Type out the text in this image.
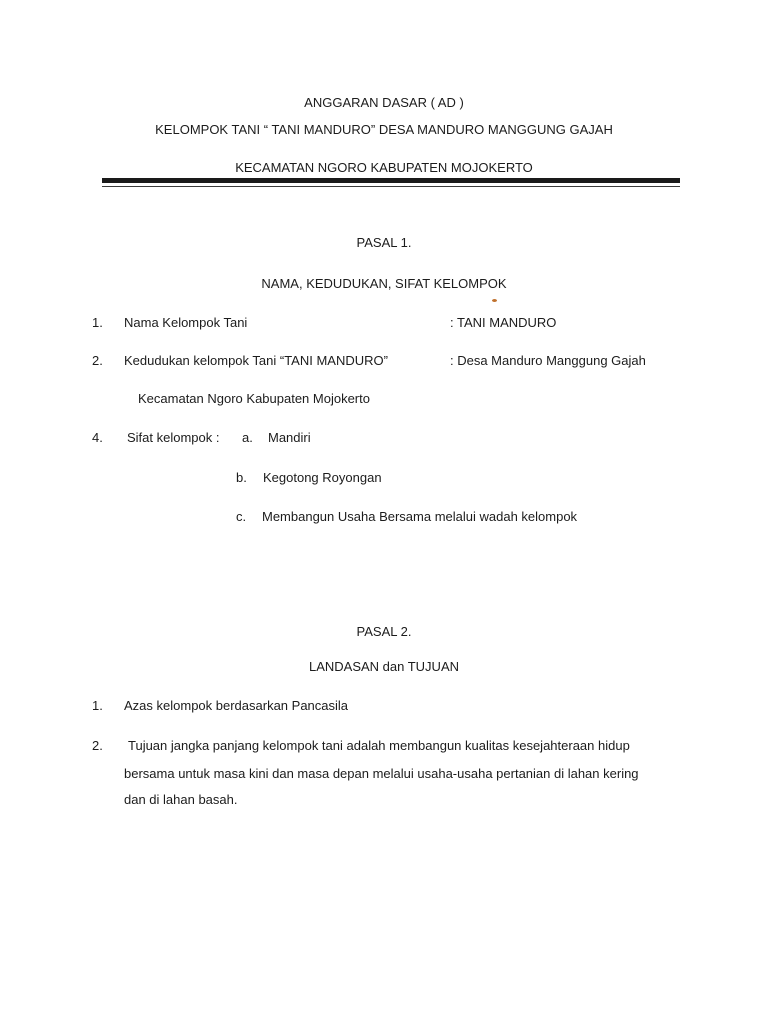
ANGGARAN DASAR ( AD )
KELOMPOK TANI “ TANI MANDURO” DESA MANDURO MANGGUNG GAJAH
KECAMATAN NGORO KABUPATEN MOJOKERTO
PASAL 1.
NAMA, KEDUDUKAN, SIFAT KELOMPOK
1. Nama Kelompok Tani	: TANI MANDURO
2. Kedudukan kelompok Tani “TANI MANDURO”	: Desa Manduro Manggung Gajah
Kecamatan Ngoro Kabupaten Mojokerto
4. Sifat kelompok : a. Mandiri
b. Kegotong Royongan
c. Membangun Usaha Bersama melalui wadah kelompok
PASAL 2.
LANDASAN dan TUJUAN
1. Azas kelompok berdasarkan Pancasila
2. Tujuan jangka panjang kelompok tani adalah membangun kualitas kesejahteraan hidup
bersama untuk masa kini dan masa depan melalui usaha-usaha pertanian di lahan kering
dan di lahan basah.
